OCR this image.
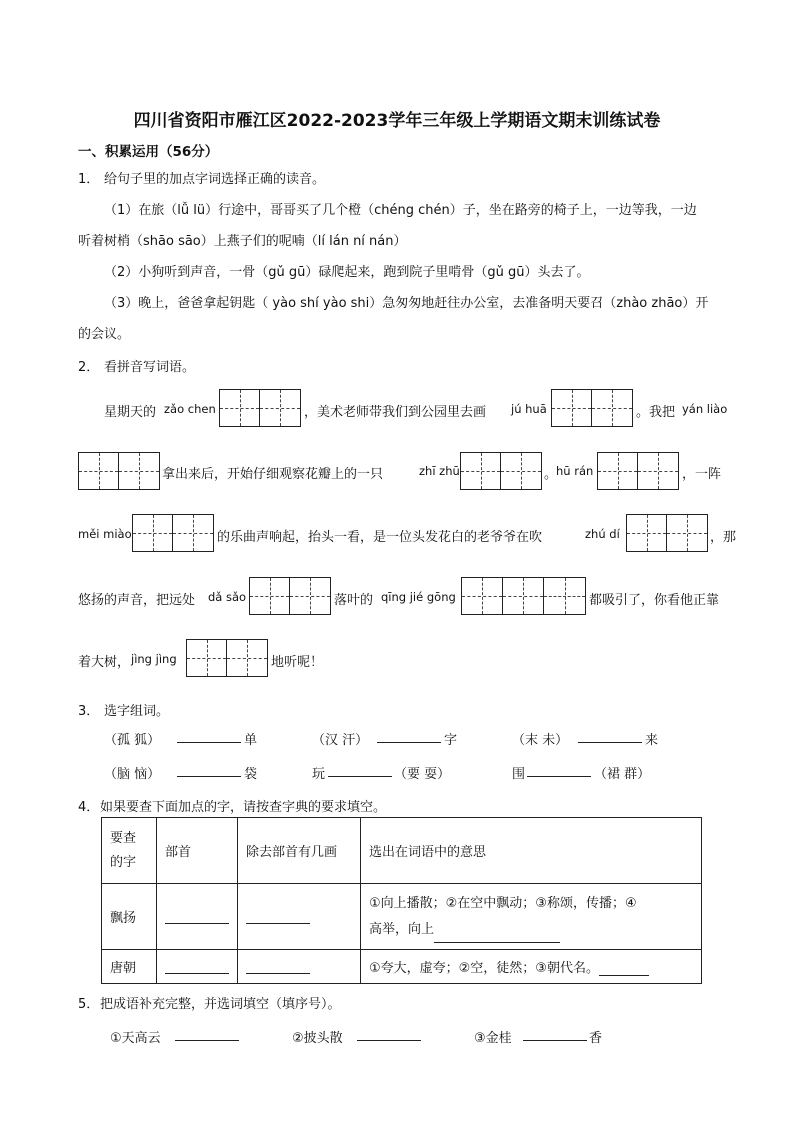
四川省资阳市雁江区2022-2023学年三年级上学期语文期末训练试卷
一、积累运用（56分）
1． 给句子里的加点字词选择正确的读音。
（1）在旅（lǚ lü）行途中，哥哥买了几个橙（chéng chén）子，坐在路旁的椅子上，一边等我，一边
听着树梢（shāo sāo）上燕子们的呢喃（lí lán ní nán）
（2）小狗听到声音，一骨（gǔ gū）碌爬起来，跑到院子里啃骨（gǔ gū）头去了。
（3）晚上，爸爸拿起钥匙（ yào shí yào shi）急匆匆地赶往办公室，去准备明天要召（zhào zhāo）开
的会议。
2． 看拼音写词语。
星期天的 zǎo chen	，美术老师带我们到公园里去画 jú huā	。我把 yán liào
拿出来后，开始仔细观察花瓣上的一只	zhī zhū	。
hū rán	，一阵
měi miào	的乐曲声响起，抬头一看，是一位头发花白的老爷爷在吹	zhú dí	，那
悠扬的声音，把远处 dǎ sǎo	落叶的 qīng jié gōng	都吸引了，你看他正靠
着大树， jìng jìng	地听呢！
3． 选字组词。
（孤 狐）	单	（汉 汗）	字	（末 未）	来
（脑 恼）	袋	玩	（要 耍）	围	（裙 群）
4． 如果要查下面加点的字，请按查字典的要求填空。
要查
的字	部首	除去部首有几画	选出在词语中的意思
飘扬			①向上播散；②在空中飘动；③称颂，传播；④
高举，向上

唐朝			①夸大，虚夸；②空，徒然；③朝代名。
5． 把成语补充完整，并选词填空（填序号）。
①天高云	②披头散	③金桂	香
